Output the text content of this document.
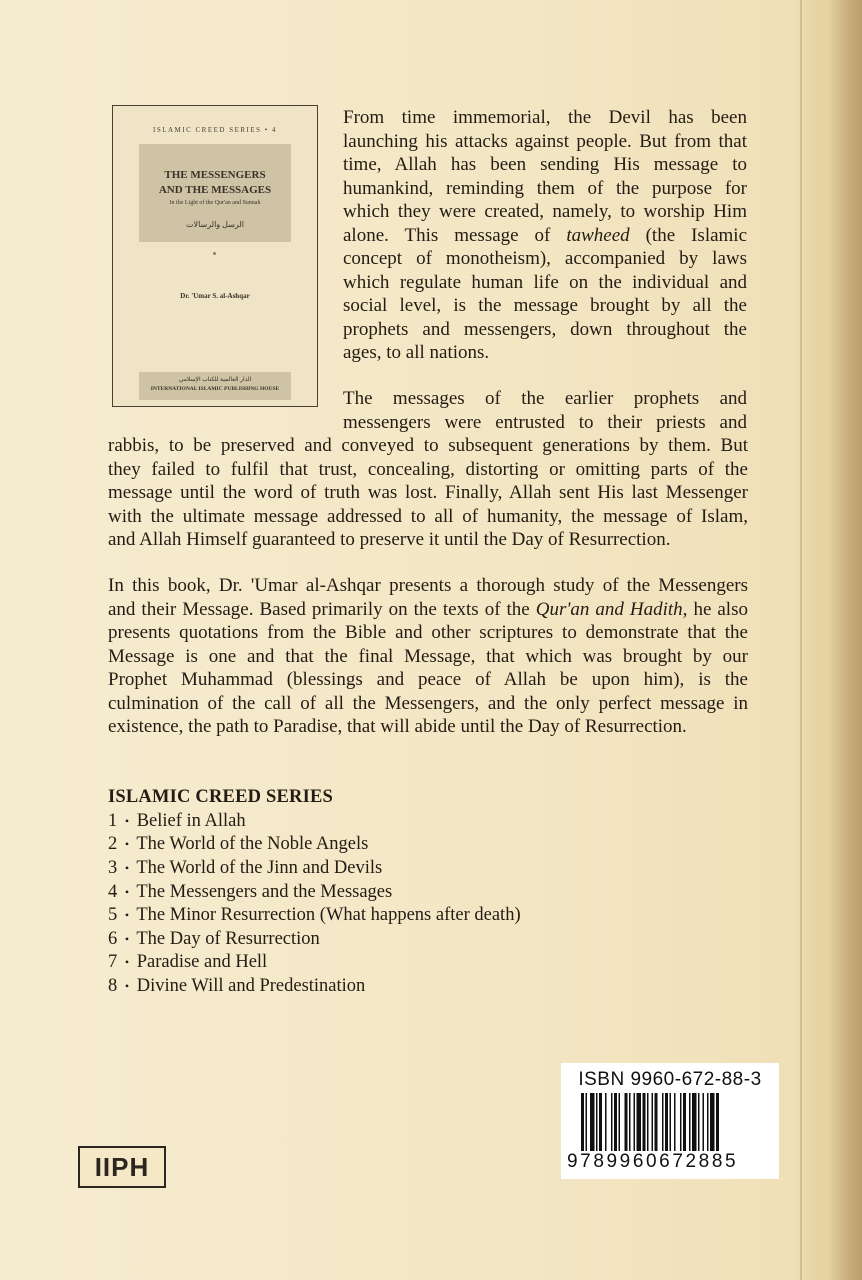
ISLAMIC CREED SERIES • 4
THE MESSENGERS
AND THE MESSAGES
In the Light of the Qur'an and Sunnah
الرسل والرسالات
Dr. 'Umar S. al-Ashqar
الدار العالمية للكتاب الإسلامي
INTERNATIONAL ISLAMIC PUBLISHING HOUSE
From time immemorial, the Devil has been
launching his attacks against people. But from that
time, Allah has been sending His message to
humankind, reminding them of the purpose for
which they were created, namely, to worship Him
alone. This message of tawheed (the Islamic
concept of monotheism), accompanied by laws
which regulate human life on the individual and
social level, is the message brought by all the
prophets and messengers, down throughout the
ages, to all nations.
The messages of the earlier prophets and
messengers were entrusted to their priests and
rabbis, to be preserved and conveyed to subsequent generations by them. But
they failed to fulfil that trust, concealing, distorting or omitting parts of the
message until the word of truth was lost. Finally, Allah sent His last Messenger
with the ultimate message addressed to all of humanity, the message of Islam,
and Allah Himself guaranteed to preserve it until the Day of Resurrection.
In this book, Dr. 'Umar al-Ashqar presents a thorough study of the Messengers
and their Message. Based primarily on the texts of the Qur'an and Hadith, he also
presents quotations from the Bible and other scriptures to demonstrate that the
Message is one and that the final Message, that which was brought by our
Prophet Muhammad (blessings and peace of Allah be upon him), is the
culmination of the call of all the Messengers, and the only perfect message in
existence, the path to Paradise, that will abide until the Day of Resurrection.
ISLAMIC CREED SERIES
1 • Belief in Allah
2 • The World of the Noble Angels
3 • The World of the Jinn and Devils
4 • The Messengers and the Messages
5 • The Minor Resurrection (What happens after death)
6 • The Day of Resurrection
7 • Paradise and Hell
8 • Divine Will and Predestination
ISBN 9960-672-88-3
9789960672885
IIPH
